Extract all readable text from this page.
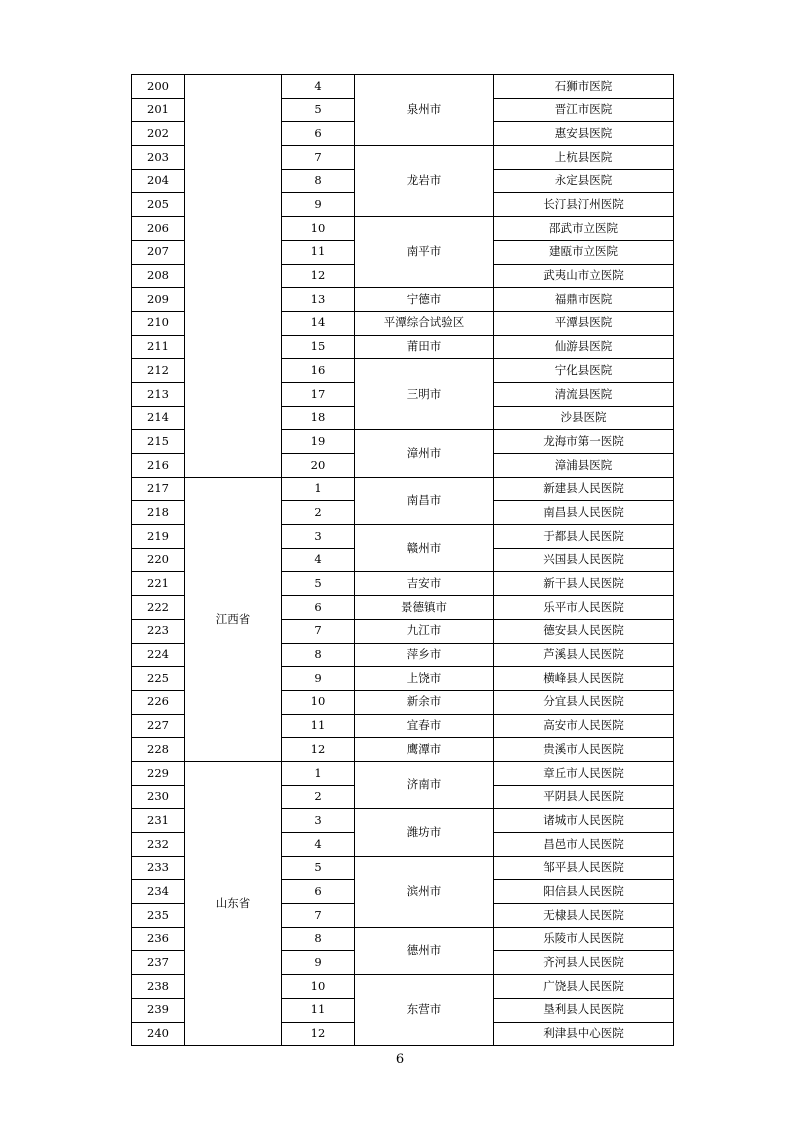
200		4	泉州市	石狮市医院
201		5		晋江市医院
202		6		惠安县医院
203		7	龙岩市	上杭县医院
204		8		永定县医院
205		9		长汀县汀州医院
206		10	南平市	邵武市立医院
207		11		建瓯市立医院
208		12		武夷山市立医院
209		13	宁德市	福鼎市医院
210		14	平潭综合试验区	平潭县医院
211		15	莆田市	仙游县医院
212		16	三明市	宁化县医院
213		17		清流县医院
214		18		沙县医院
215		19	漳州市	龙海市第一医院
216		20		漳浦县医院
217	江西省	1	南昌市	新建县人民医院
218		2		南昌县人民医院
219		3	赣州市	于都县人民医院
220		4		兴国县人民医院
221		5	吉安市	新干县人民医院
222		6	景德镇市	乐平市人民医院
223		7	九江市	德安县人民医院
224		8	萍乡市	芦溪县人民医院
225		9	上饶市	横峰县人民医院
226		10	新余市	分宜县人民医院
227		11	宜春市	高安市人民医院
228		12	鹰潭市	贵溪市人民医院
229	山东省	1	济南市	章丘市人民医院
230		2		平阴县人民医院
231		3	潍坊市	诸城市人民医院
232		4		昌邑市人民医院
233		5	滨州市	邹平县人民医院
234		6		阳信县人民医院
235		7		无棣县人民医院
236		8	德州市	乐陵市人民医院
237		9		齐河县人民医院
238		10	东营市	广饶县人民医院
239		11		垦利县人民医院
240		12		利津县中心医院
6
